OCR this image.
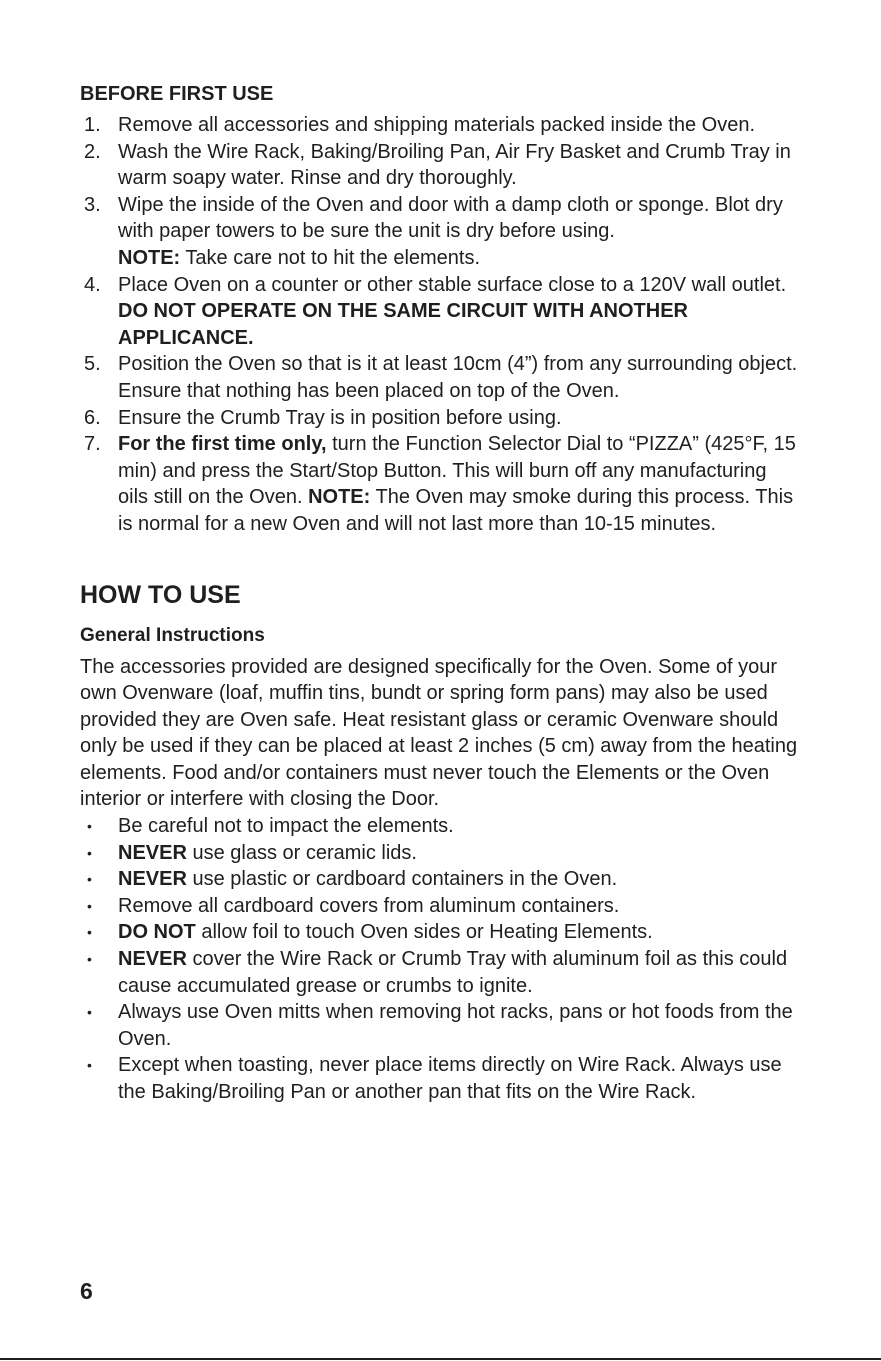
BEFORE FIRST USE
1. Remove all accessories and shipping materials packed inside the Oven.
2. Wash the Wire Rack, Baking/Broiling Pan, Air Fry Basket and Crumb Tray in warm soapy water. Rinse and dry thoroughly.
3. Wipe the inside of the Oven and door with a damp cloth or sponge. Blot dry with paper towers to be sure the unit is dry before using.
NOTE: Take care not to hit the elements.
4. Place Oven on a counter or other stable surface close to a 120V wall outlet. DO NOT OPERATE ON THE SAME CIRCUIT WITH ANOTHER APPLICANCE.
5. Position the Oven so that is it at least 10cm (4”) from any surrounding object. Ensure that nothing has been placed on top of the Oven.
6. Ensure the Crumb Tray is in position before using.
7. For the first time only, turn the Function Selector Dial to “PIZZA” (425°F, 15 min) and press the Start/Stop Button. This will burn off any manufacturing oils still on the Oven. NOTE: The Oven may smoke during this process. This is normal for a new Oven and will not last more than 10-15 minutes.
HOW TO USE
General Instructions

The accessories provided are designed specifically for the Oven. Some of your own Ovenware (loaf, muffin tins, bundt or spring form pans) may also be used provided they are Oven safe. Heat resistant glass or ceramic Ovenware should only be used if they can be placed at least 2 inches (5 cm) away from the heating elements. Food and/or containers must never touch the Elements or the Oven interior or interfere with closing the Door.

• Be careful not to impact the elements.
• NEVER use glass or ceramic lids.
• NEVER use plastic or cardboard containers in the Oven.
• Remove all cardboard covers from aluminum containers.
• DO NOT allow foil to touch Oven sides or Heating Elements.
• NEVER cover the Wire Rack or Crumb Tray with aluminum foil as this could cause accumulated grease or crumbs to ignite.
• Always use Oven mitts when removing hot racks, pans or hot foods from the Oven.
• Except when toasting, never place items directly on Wire Rack. Always use the Baking/Broiling Pan or another pan that fits on the Wire Rack.
6
